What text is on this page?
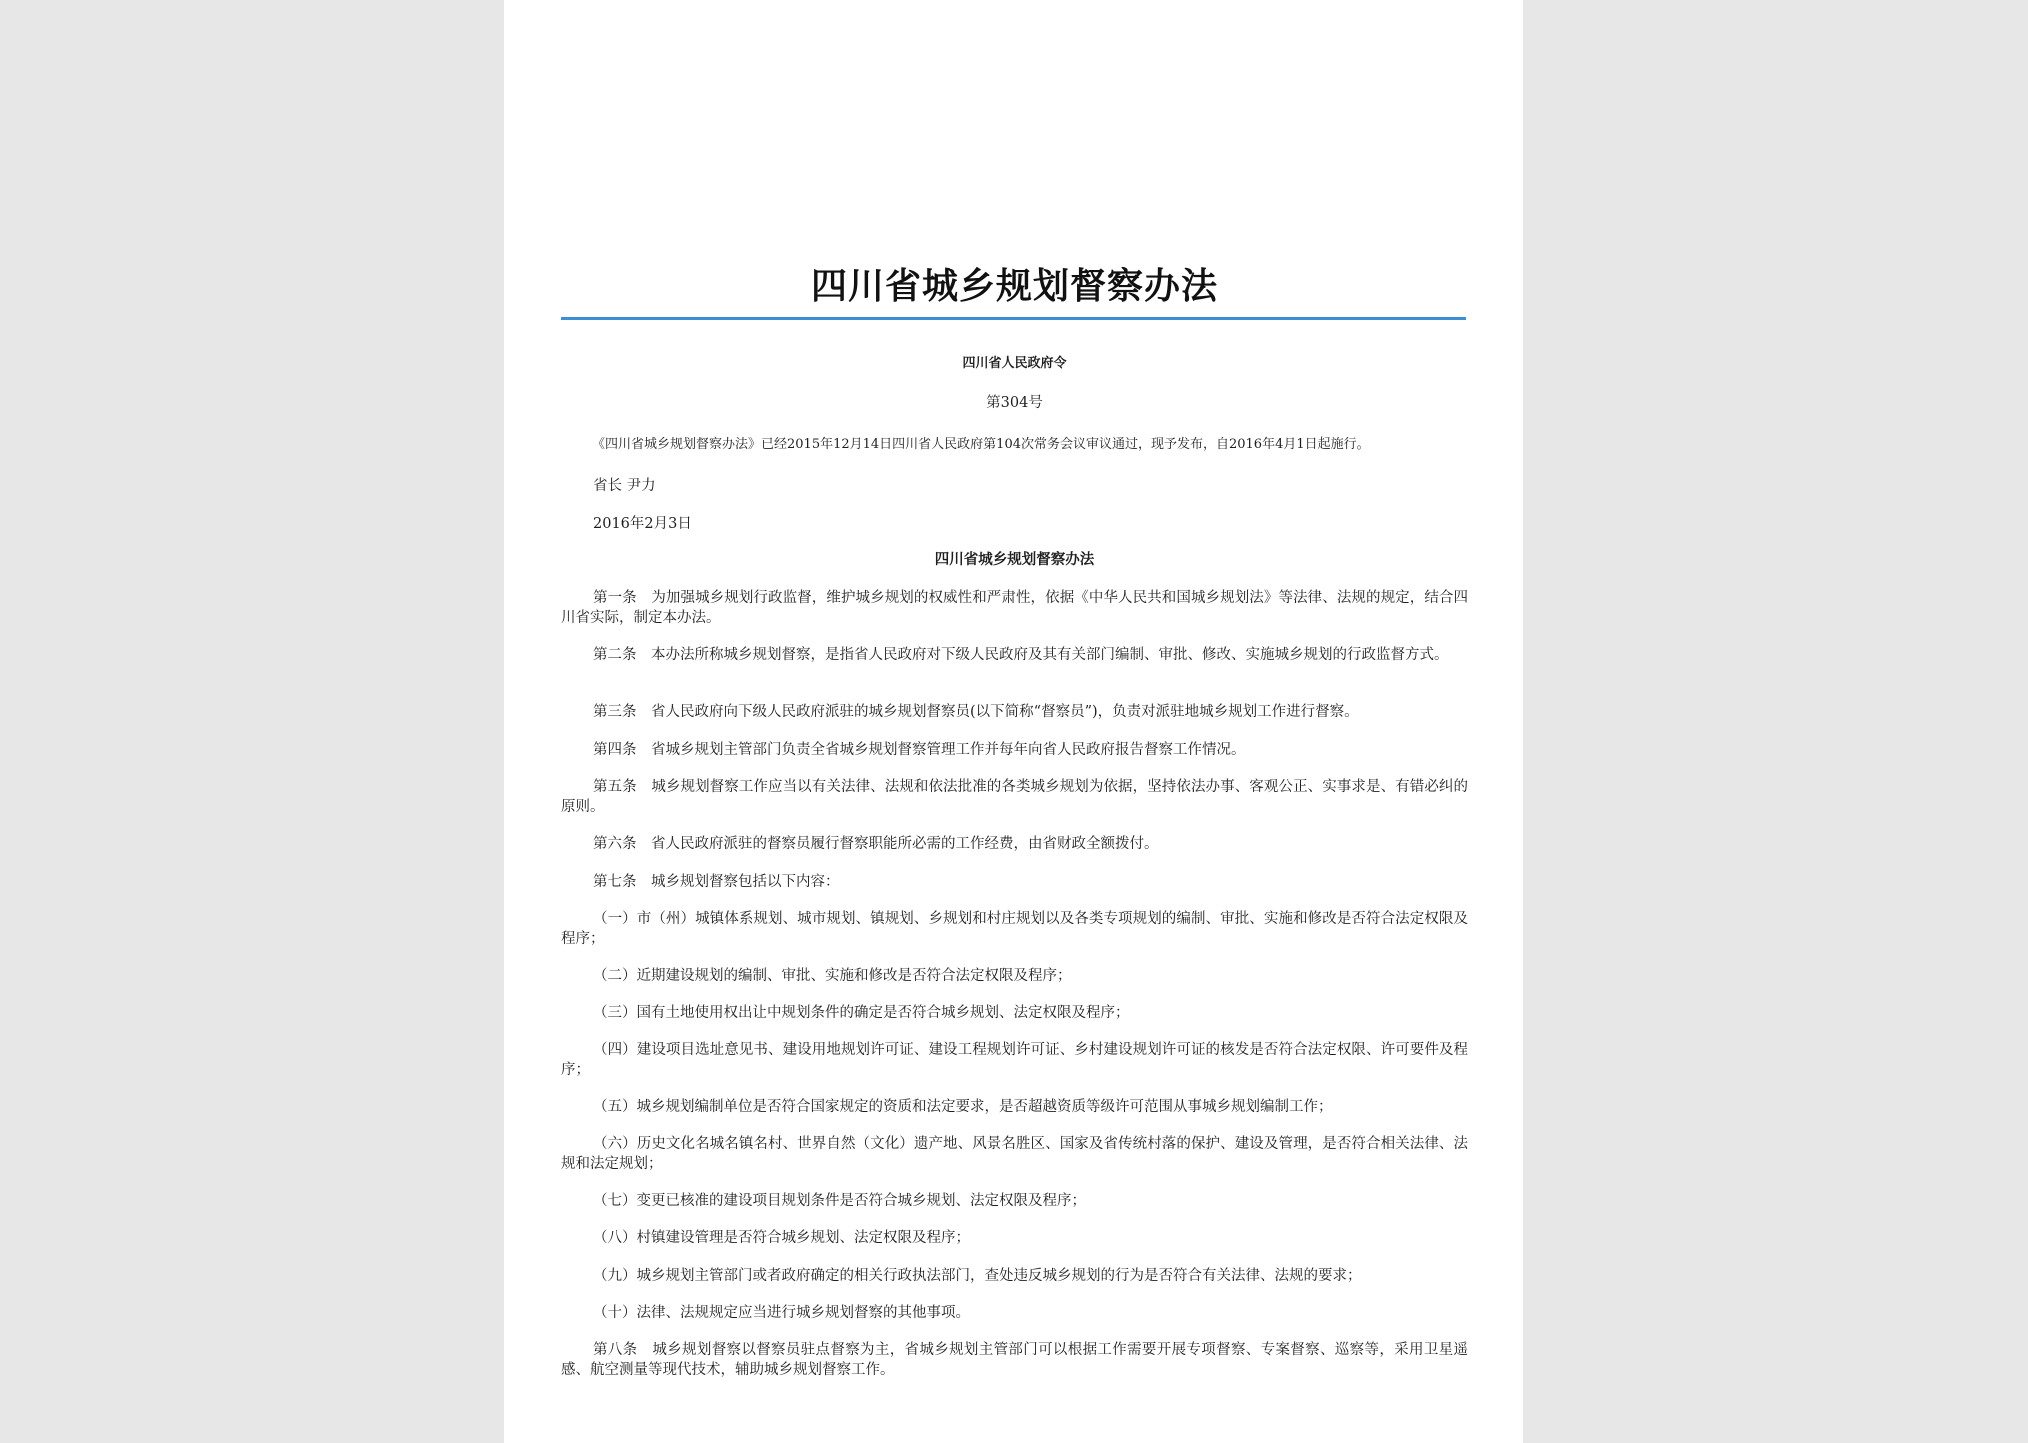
四川省城乡规划督察办法
四川省人民政府令
第304号
《四川省城乡规划督察办法》已经2015年12月14日四川省人民政府第104次常务会议审议通过，现予发布，自2016年4月1日起施行。
省长 尹力
2016年2月3日
四川省城乡规划督察办法
第一条　为加强城乡规划行政监督，维护城乡规划的权威性和严肃性，依据《中华人民共和国城乡规划法》等法律、法规的规定，结合四川省实际，制定本办法。
第二条　本办法所称城乡规划督察，是指省人民政府对下级人民政府及其有关部门编制、审批、修改、实施城乡规划的行政监督方式。
第三条　省人民政府向下级人民政府派驻的城乡规划督察员(以下简称“督察员”)，负责对派驻地城乡规划工作进行督察。
第四条　省城乡规划主管部门负责全省城乡规划督察管理工作并每年向省人民政府报告督察工作情况。
第五条　城乡规划督察工作应当以有关法律、法规和依法批准的各类城乡规划为依据，坚持依法办事、客观公正、实事求是、有错必纠的原则。
第六条　省人民政府派驻的督察员履行督察职能所必需的工作经费，由省财政全额拨付。
第七条　城乡规划督察包括以下内容：
（一）市（州）城镇体系规划、城市规划、镇规划、乡规划和村庄规划以及各类专项规划的编制、审批、实施和修改是否符合法定权限及程序；
（二）近期建设规划的编制、审批、实施和修改是否符合法定权限及程序；
（三）国有土地使用权出让中规划条件的确定是否符合城乡规划、法定权限及程序；
（四）建设项目选址意见书、建设用地规划许可证、建设工程规划许可证、乡村建设规划许可证的核发是否符合法定权限、许可要件及程序；
（五）城乡规划编制单位是否符合国家规定的资质和法定要求，是否超越资质等级许可范围从事城乡规划编制工作；
（六）历史文化名城名镇名村、世界自然（文化）遗产地、风景名胜区、国家及省传统村落的保护、建设及管理，是否符合相关法律、法规和法定规划；
（七）变更已核准的建设项目规划条件是否符合城乡规划、法定权限及程序；
（八）村镇建设管理是否符合城乡规划、法定权限及程序；
（九）城乡规划主管部门或者政府确定的相关行政执法部门，查处违反城乡规划的行为是否符合有关法律、法规的要求；
（十）法律、法规规定应当进行城乡规划督察的其他事项。
第八条　城乡规划督察以督察员驻点督察为主，省城乡规划主管部门可以根据工作需要开展专项督察、专案督察、巡察等，采用卫星遥感、航空测量等现代技术，辅助城乡规划督察工作。
